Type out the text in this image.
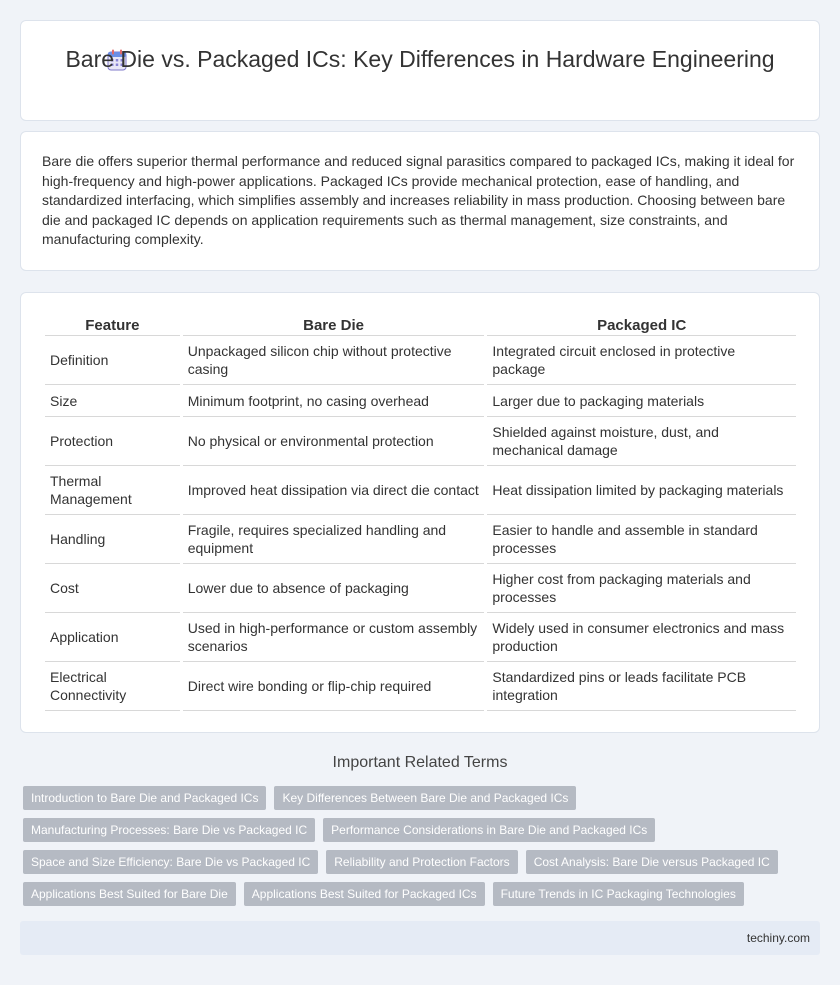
Bare Die vs. Packaged ICs: Key Differences in Hardware Engineering

Bare die offers superior thermal performance and reduced signal parasitics compared to packaged ICs, making it ideal for high-frequency and high-power applications. Packaged ICs provide mechanical protection, ease of handling, and standardized interfacing, which simplifies assembly and increases reliability in mass production. Choosing between bare die and packaged IC depends on application requirements such as thermal management, size constraints, and manufacturing complexity.

Feature	Bare Die	Packaged IC
Definition	Unpackaged silicon chip without protective casing	Integrated circuit enclosed in protective package
Size	Minimum footprint, no casing overhead	Larger due to packaging materials
Protection	No physical or environmental protection	Shielded against moisture, dust, and mechanical damage
Thermal Management	Improved heat dissipation via direct die contact	Heat dissipation limited by packaging materials
Handling	Fragile, requires specialized handling and equipment	Easier to handle and assemble in standard processes
Cost	Lower due to absence of packaging	Higher cost from packaging materials and processes
Application	Used in high-performance or custom assembly scenarios	Widely used in consumer electronics and mass production
Electrical Connectivity	Direct wire bonding or flip-chip required	Standardized pins or leads facilitate PCB integration
Important Related Terms
Introduction to Bare Die and Packaged ICs	Key Differences Between Bare Die and Packaged ICs
Manufacturing Processes: Bare Die vs Packaged IC	Performance Considerations in Bare Die and Packaged ICs
Space and Size Efficiency: Bare Die vs Packaged IC	Reliability and Protection Factors	Cost Analysis: Bare Die versus Packaged IC
Applications Best Suited for Bare Die	Applications Best Suited for Packaged ICs	Future Trends in IC Packaging Technologies
techiny.com
